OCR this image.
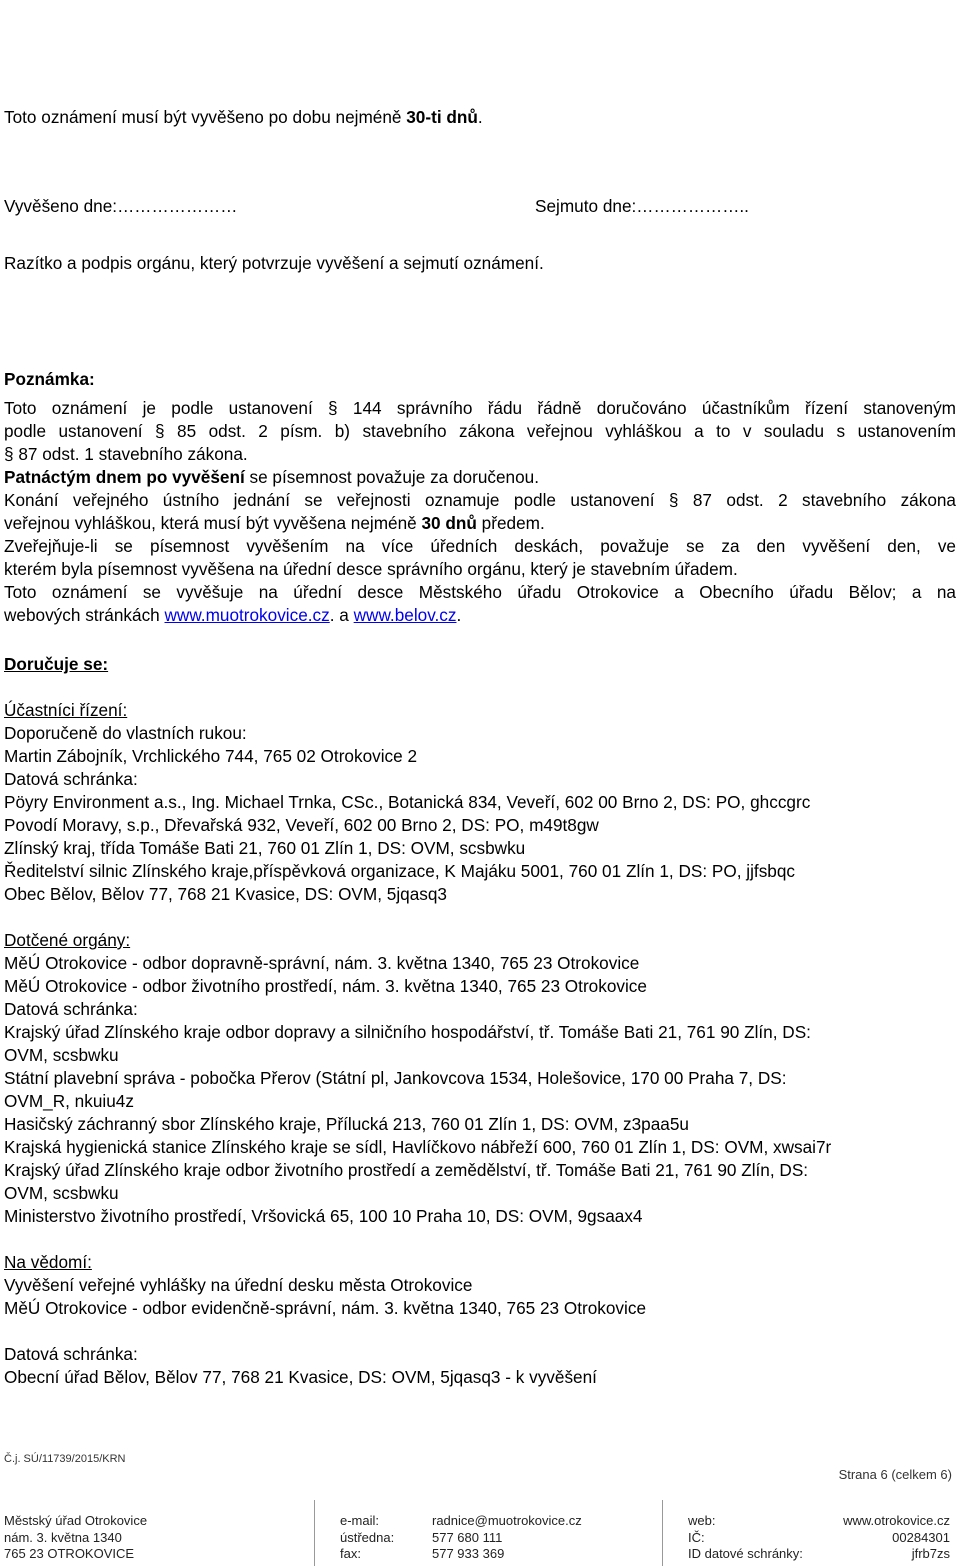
Toto oznámení musí být vyvěšeno po dobu nejméně 30-ti dnů.
Vyvěšeno dne:…………………	Sejmuto dne:………………..
Razítko a podpis orgánu, který potvrzuje vyvěšení a sejmutí oznámení.
Poznámka:
Toto oznámení je podle ustanovení § 144 správního řádu řádně doručováno účastníkům řízení stanoveným
podle ustanovení § 85 odst. 2 písm. b) stavebního zákona veřejnou vyhláškou a to v souladu s ustanovením
§ 87 odst. 1 stavebního zákona.
Patnáctým dnem po vyvěšení se písemnost považuje za doručenou.
Konání veřejného ústního jednání se veřejnosti oznamuje podle ustanovení § 87 odst. 2 stavebního zákona
veřejnou vyhláškou, která musí být vyvěšena nejméně 30 dnů předem.
Zveřejňuje-li se písemnost vyvěšením na více úředních deskách, považuje se za den vyvěšení den, ve
kterém byla písemnost vyvěšena na úřední desce správního orgánu, který je stavebním úřadem.
Toto oznámení se vyvěšuje na úřední desce Městského úřadu Otrokovice a Obecního úřadu Bělov; a na
webových stránkách www.muotrokovice.cz. a www.belov.cz.
Doručuje se:
Účastníci řízení:
Doporučeně do vlastních rukou:
Martin Zábojník, Vrchlického 744, 765 02 Otrokovice 2
Datová schránka:
Pöyry Environment a.s., Ing. Michael Trnka, CSc., Botanická 834, Veveří, 602 00 Brno 2, DS: PO, ghccgrc
Povodí Moravy, s.p., Dřevařská 932, Veveří, 602 00 Brno 2, DS: PO, m49t8gw
Zlínský kraj, třída Tomáše Bati 21, 760 01 Zlín 1, DS: OVM, scsbwku
Ředitelství silnic Zlínského kraje,příspěvková organizace, K Majáku 5001, 760 01 Zlín 1, DS: PO, jjfsbqc
Obec Bělov, Bělov 77, 768 21 Kvasice, DS: OVM, 5jqasq3
Dotčené orgány:
MěÚ Otrokovice - odbor dopravně-správní, nám. 3. května 1340, 765 23 Otrokovice
MěÚ Otrokovice - odbor životního prostředí, nám. 3. května 1340, 765 23 Otrokovice
Datová schránka:
Krajský úřad Zlínského kraje odbor dopravy a silničního hospodářství, tř. Tomáše Bati 21, 761 90 Zlín, DS:
OVM, scsbwku
Státní plavební správa - pobočka Přerov (Státní pl, Jankovcova 1534, Holešovice, 170 00 Praha 7, DS:
OVM_R, nkuiu4z
Hasičský záchranný sbor Zlínského kraje, Přílucká 213, 760 01 Zlín 1, DS: OVM, z3paa5u
Krajská hygienická stanice Zlínského kraje se sídl, Havlíčkovo nábřeží 600, 760 01 Zlín 1, DS: OVM, xwsai7r
Krajský úřad Zlínského kraje odbor životního prostředí a zemědělství, tř. Tomáše Bati 21, 761 90 Zlín, DS:
OVM, scsbwku
Ministerstvo životního prostředí, Vršovická 65, 100 10 Praha 10, DS: OVM, 9gsaax4
Na vědomí:
Vyvěšení veřejné vyhlášky na úřední desku města Otrokovice
MěÚ Otrokovice - odbor evidenčně-správní, nám. 3. května 1340, 765 23 Otrokovice
Datová schránka:
Obecní úřad Bělov, Bělov 77, 768 21 Kvasice, DS: OVM, 5jqasq3 - k vyvěšení
Č.j. SÚ/11739/2015/KRN
Strana 6 (celkem 6)
Městský úřad Otrokovice
nám. 3. května 1340
765 23 OTROKOVICE
e-mail:
ústředna:
fax:
radnice@muotrokovice.cz
577 680 111
577 933 369
web:
IČ:
ID datové schránky:
www.otrokovice.cz
00284301
jfrb7zs
